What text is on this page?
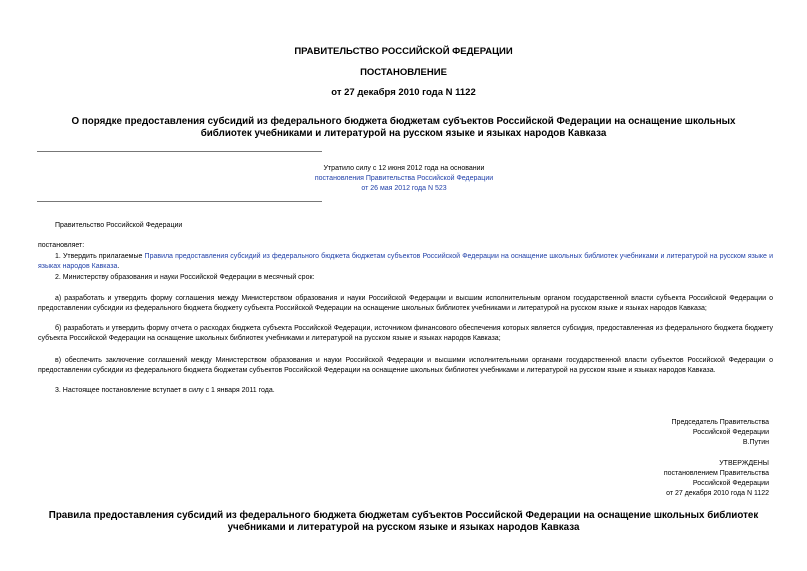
ПРАВИТЕЛЬСТВО РОССИЙСКОЙ ФЕДЕРАЦИИ
ПОСТАНОВЛЕНИЕ
от 27 декабря 2010 года N 1122
О порядке предоставления субсидий из федерального бюджета бюджетам субъектов Российской Федерации на оснащение школьных библиотек учебниками и литературой на русском языке и языках народов Кавказа
Утратило силу с 12 июня 2012 года на основании
постановления Правительства Российской Федерации
от 26 мая 2012 года N 523
Правительство Российской Федерации
постановляет:
1. Утвердить прилагаемые Правила предоставления субсидий из федерального бюджета бюджетам субъектов Российской Федерации на оснащение школьных библиотек учебниками и литературой на русском языке и языках народов Кавказа.
2. Министерству образования и науки Российской Федерации в месячный срок:
а) разработать и утвердить форму соглашения между Министерством образования и науки Российской Федерации и высшим исполнительным органом государственной власти субъекта Российской Федерации о предоставлении субсидии из федерального бюджета бюджету субъекта Российской Федерации на оснащение школьных библиотек учебниками и литературой на русском языке и языках народов Кавказа;
б) разработать и утвердить форму отчета о расходах бюджета субъекта Российской Федерации, источником финансового обеспечения которых является субсидия, предоставленная из федерального бюджета бюджету субъекта Российской Федерации на оснащение школьных библиотек учебниками и литературой на русском языке и языках народов Кавказа;
в) обеспечить заключение соглашений между Министерством образования и науки Российской Федерации и высшими исполнительными органами государственной власти субъектов Российской Федерации о предоставлении субсидии из федерального бюджета бюджетам субъектов Российской Федерации на оснащение школьных библиотек учебниками и литературой на русском языке и языках народов Кавказа.
3. Настоящее постановление вступает в силу с 1 января 2011 года.
Председатель Правительства
Российской Федерации
В.Путин
УТВЕРЖДЕНЫ
постановлением Правительства
Российской Федерации
от 27 декабря 2010 года N 1122
Правила предоставления субсидий из федерального бюджета бюджетам субъектов Российской Федерации на оснащение школьных библиотек учебниками и литературой на русском языке и языках народов Кавказа
